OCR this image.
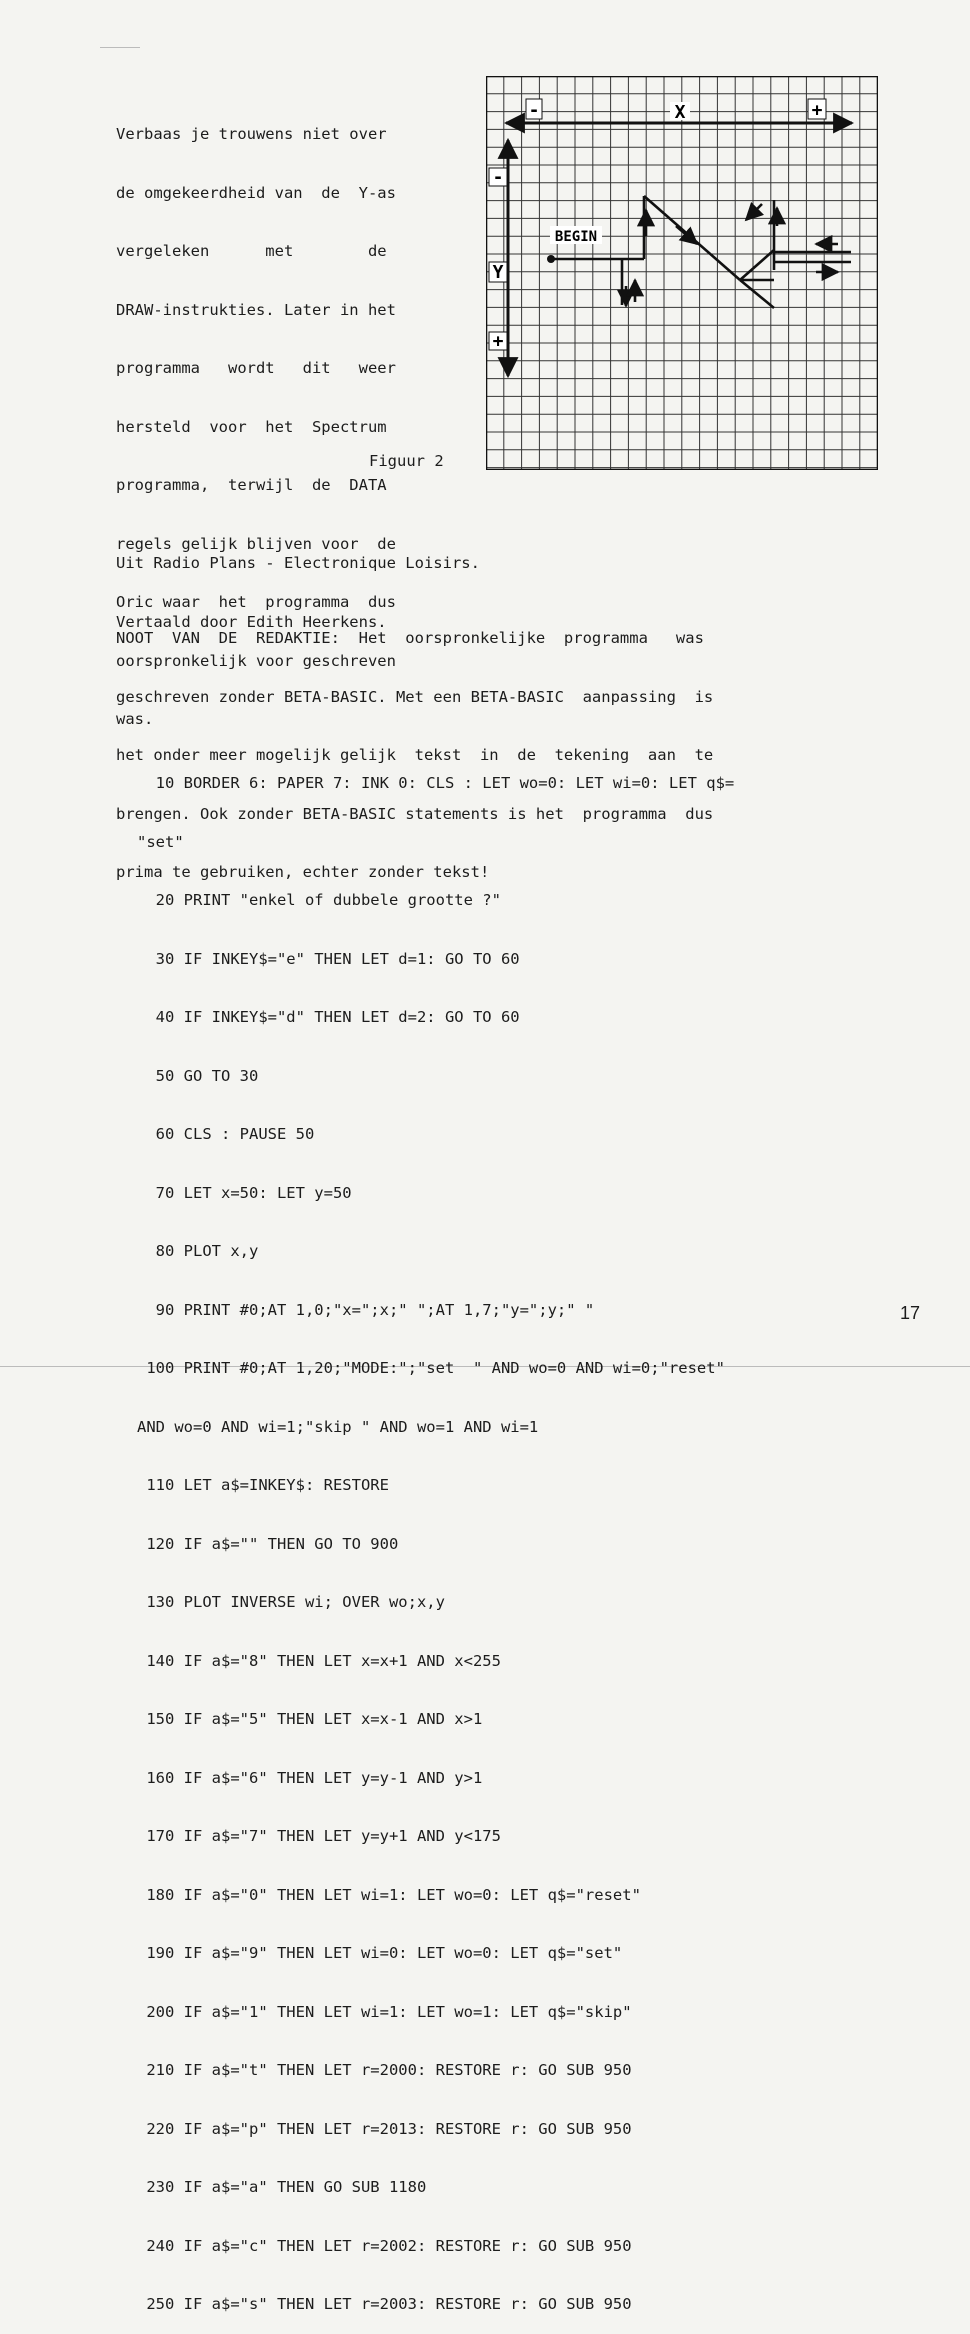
Verbaas je trouwens niet over

de omgekeerdheid van  de  Y-as

vergeleken      met        de

DRAW-instrukties. Later in het

programma   wordt   dit   weer

hersteld  voor  het  Spectrum

programma,  terwijl  de  DATA

regels gelijk blijven voor  de

Oric waar  het  programma  dus

oorspronkelijk voor geschreven

was.

-	X	+
-
Y
+
BEGIN
Figuur 2

Uit Radio Plans - Electronique Loisirs.

Vertaald door Edith Heerkens.

NOOT  VAN  DE  REDAKTIE:  Het  oorspronkelijke  programma   was

geschreven zonder BETA-BASIC. Met een BETA-BASIC  aanpassing  is

het onder meer mogelijk gelijk  tekst  in  de  tekening  aan  te

brengen. Ook zonder BETA-BASIC statements is het  programma  dus

prima te gebruiken, echter zonder tekst!

10 BORDER 6: PAPER 7: INK 0: CLS : LET wo=0: LET wi=0: LET q$=

"set"

20 PRINT "enkel of dubbele grootte ?"

30 IF INKEY$="e" THEN LET d=1: GO TO 60

40 IF INKEY$="d" THEN LET d=2: GO TO 60

50 GO TO 30

60 CLS : PAUSE 50

70 LET x=50: LET y=50

80 PLOT x,y

90 PRINT #0;AT 1,0;"x=";x;" ";AT 1,7;"y=";y;" "

100 PRINT #0;AT 1,20;"MODE:";"set  " AND wo=0 AND wi=0;"reset"

AND wo=0 AND wi=1;"skip " AND wo=1 AND wi=1

110 LET a$=INKEY$: RESTORE

120 IF a$="" THEN GO TO 900

130 PLOT INVERSE wi; OVER wo;x,y

140 IF a$="8" THEN LET x=x+1 AND x<255

150 IF a$="5" THEN LET x=x-1 AND x>1

160 IF a$="6" THEN LET y=y-1 AND y>1

170 IF a$="7" THEN LET y=y+1 AND y<175

180 IF a$="0" THEN LET wi=1: LET wo=0: LET q$="reset"

190 IF a$="9" THEN LET wi=0: LET wo=0: LET q$="set"

200 IF a$="1" THEN LET wi=1: LET wo=1: LET q$="skip"

210 IF a$="t" THEN LET r=2000: RESTORE r: GO SUB 950

220 IF a$="p" THEN LET r=2013: RESTORE r: GO SUB 950

230 IF a$="a" THEN GO SUB 1180

240 IF a$="c" THEN LET r=2002: RESTORE r: GO SUB 950

250 IF a$="s" THEN LET r=2003: RESTORE r: GO SUB 950

17
